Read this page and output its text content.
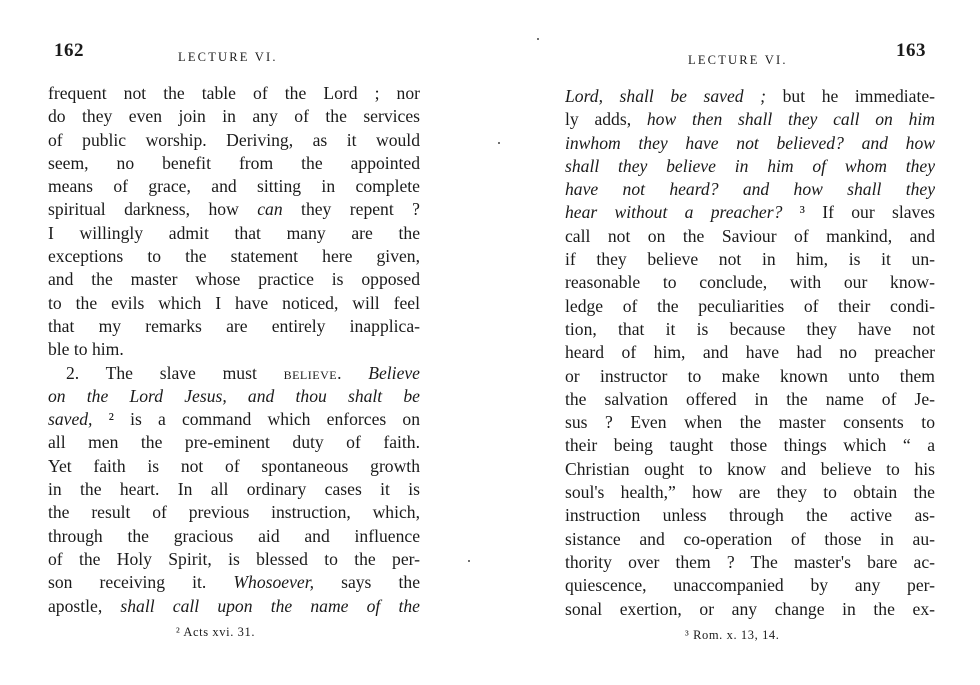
162	LECTURE VI.
frequent not the table of the Lord ; nor
do they even join in any of the services
of public worship. Deriving, as it would
seem, no benefit from the appointed
means of grace, and sitting in complete
spiritual darkness, how can they repent ?
I willingly admit that many are the
exceptions to the statement here given,
and the master whose practice is opposed
to the evils which I have noticed, will feel
that my remarks are entirely inapplica-
ble to him.
2. The slave must believe. Believe
on the Lord Jesus, and thou shalt be
saved, ² is a command which enforces on
all men the pre-eminent duty of faith.
Yet faith is not of spontaneous growth
in the heart. In all ordinary cases it is
the result of previous instruction, which,
through the gracious aid and influence
of the Holy Spirit, is blessed to the per-
son receiving it. Whosoever, says the
apostle, shall call upon the name of the
² Acts xvi. 31.
163
LECTURE VI.
Lord, shall be saved ; but he immediate-
ly adds, how then shall they call on him
inwhom they have not believed? and how
shall they believe in him of whom they
have not heard? and how shall they
hear without a preacher? ³ If our slaves
call not on the Saviour of mankind, and
if they believe not in him, is it un-
reasonable to conclude, with our know-
ledge of the peculiarities of their condi-
tion, that it is because they have not
heard of him, and have had no preacher
or instructor to make known unto them
the salvation offered in the name of Je-
sus ? Even when the master consents to
their being taught those things which “ a
Christian ought to know and believe to his
soul's health,” how are they to obtain the
instruction unless through the active as-
sistance and co-operation of those in au-
thority over them ? The master's bare ac-
quiescence, unaccompanied by any per-
sonal exertion, or any change in the ex-
³ Rom. x. 13, 14.
